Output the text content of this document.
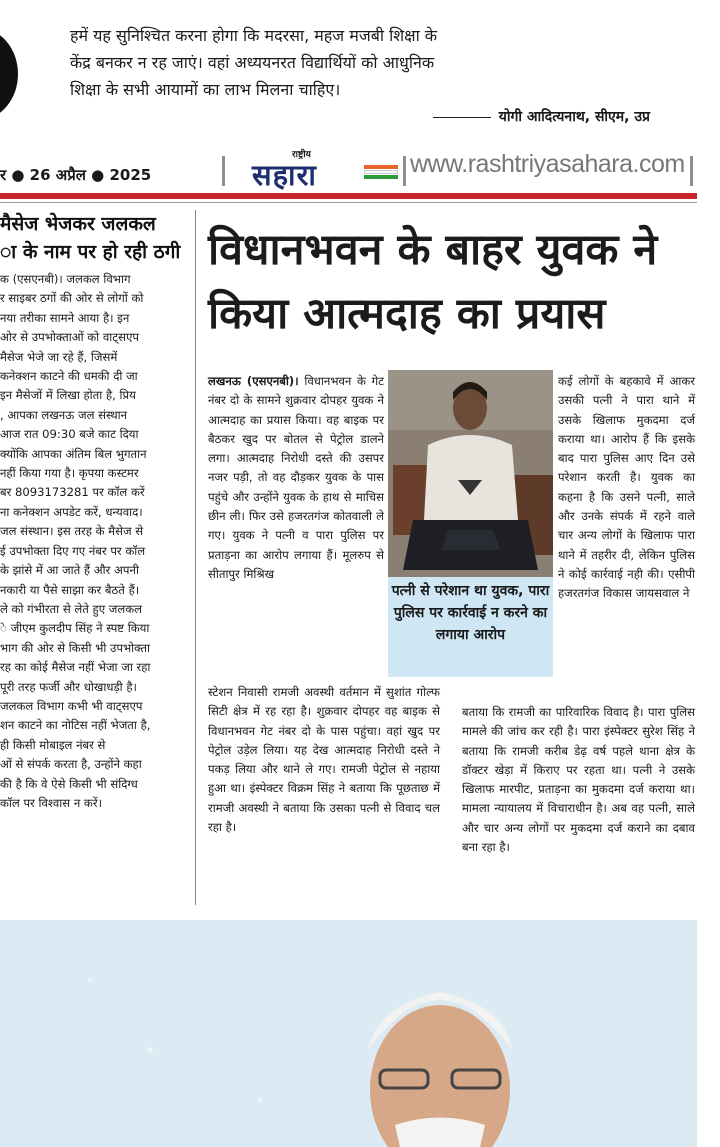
हमें यह सुनिश्चित करना होगा कि मदरसा, महज मजबी शिक्षा के
केंद्र बनकर न रह जाएं। वहां अध्ययनरत विद्यार्थियों को आधुनिक
शिक्षा के सभी आयामों का लाभ मिलना चाहिए।
योगी आदित्यनाथ, सीएम, उप्र
र ● 26 अप्रैल ● 2025
राष्ट्रीय
सहारा	www.rashtriyasahara.com
मैसेज भेजकर जलकल
ा के नाम पर हो रही ठगी
क (एसएनबी)। जलकल विभाग
र साइबर ठगों की ओर से लोगों को
नया तरीका सामने आया है। इन
ओर से उपभोक्ताओं को वाट्सएप
मैसेज भेजे जा रहे हैं, जिसमें
कनेक्शन काटने की धमकी दी जा
इन मैसेजों में लिखा होता है, प्रिय
, आपका लखनऊ जल संस्थान
आज रात 09:30 बजे काट दिया
क्योंकि आपका अंतिम बिल भुगतान
नहीं किया गया है। कृपया कस्टमर
बर 8093173281 पर कॉल करें
ना कनेक्शन अपडेट करें, धन्यवाद।
जल संस्थान। इस तरह के मैसेज से
ई उपभोक्ता दिए गए नंबर पर कॉल
के झांसे में आ जाते हैं और अपनी
नकारी या पैसे साझा कर बैठते हैं।
ले को गंभीरता से लेते हुए जलकल
े जीएम कुलदीप सिंह ने स्पष्ट किया
भाग की ओर से किसी भी उपभोक्ता
रह का कोई मैसेज नहीं भेजा जा रहा
पूरी तरह फर्जी और धोखाधड़ी है।
जलकल विभाग कभी भी वाट्सएप
शन काटने का नोटिस नहीं भेजता है,
ही किसी मोबाइल नंबर से
ओं से संपर्क करता है, उन्होंने कहा
की है कि वे ऐसे किसी भी संदिग्ध
कॉल पर विश्वास न करें।
विधानभवन के बाहर युवक ने किया आत्मदाह का प्रयास
लखनऊ (एसएनबी)। विधानभवन के गेट नंबर दो के सामने शुक्रवार दोपहर युवक ने आत्मदाह का प्रयास किया। वह बाइक पर बैठकर खुद पर बोतल से पेट्रोल डालने लगा। आत्मदाह निरोधी दस्ते की उसपर नजर पड़ी, तो वह दौड़कर युवक के पास पहुंचे और उन्होंने युवक के हाथ से माचिस छीन ली। फिर उसे हजरतगंज कोतवाली ले गए। युवक ने पत्नी व पारा पुलिस पर प्रताड़ना का आरोप लगाया हैं। मूलरुप से सीतापुर मिश्रिख
पत्नी से परेशान था युवक, पारा पुलिस पर कार्रवाई न करने का लगाया आरोप
कई लोगों के बहकावे में आकर उसकी पत्नी ने पारा थाने में उसके खिलाफ मुकदमा दर्ज कराया था। आरोप हैं कि इसके बाद पारा पुलिस आए दिन उसे परेशान करती है। युवक का कहना है कि उसने पत्नी, साले और उनके संपर्क में रहने वाले चार अन्य लोगों के खिलाफ पारा थाने में तहरीर दी, लेकिन पुलिस ने कोई कार्रवाई नही की। एसीपी हजरतगंज विकास जायसवाल ने
स्टेशन निवासी रामजी अवस्थी वर्तमान में सुशांत गोल्फ सिटी क्षेत्र में रह रहा है। शुक्रवार दोपहर वह बाइक से विधानभवन गेट नंबर दो के पास पहुंचा। वहां खुद पर पेट्रोल उड़ेल लिया। यह देख आत्मदाह निरोधी दस्ते ने पकड़ लिया और थाने ले गए। रामजी पेट्रोल से नहाया हुआ था। इंस्पेक्टर विक्रम सिंह ने बताया कि पूछताछ में रामजी अवस्थी ने बताया कि उसका पत्नी से विवाद चल रहा है।
बताया कि रामजी का पारिवारिक विवाद है। पारा पुलिस मामले की जांच कर रही है। पारा इंस्पेक्टर सुरेश सिंह ने बताया कि रामजी करीब डेढ़ वर्ष पहले थाना क्षेत्र के डॉक्टर खेड़ा में किराए पर रहता था। पत्नी ने उसके खिलाफ मारपीट, प्रताड़ना का मुकदमा दर्ज कराया था। मामला न्यायालय में विचाराधीन है। अब वह पत्नी, साले और चार अन्य लोगों पर मुकदमा दर्ज कराने का दबाव बना रहा है।
